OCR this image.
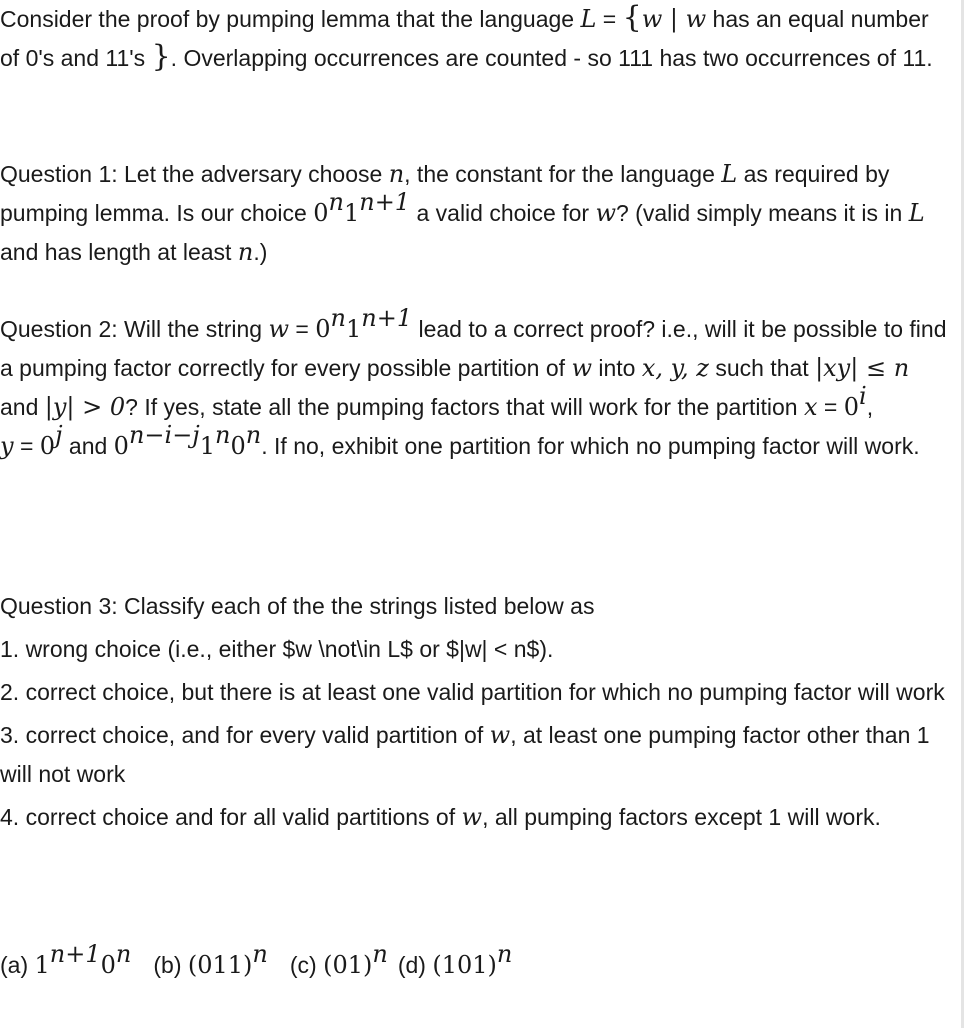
Consider the proof by pumping lemma that the language L = {w | w has an equal number of 0's and 11's }. Overlapping occurrences are counted - so 111 has two occurrences of 11.
Question 1: Let the adversary choose n, the constant for the language L as required by pumping lemma. Is our choice $0^n1^{n+1}$ a valid choice for w? (valid simply means it is in L and has length at least n.)
Question 2: Will the string $w = 0^n1^{n+1}$ lead to a correct proof? i.e., will it be possible to find a pumping factor correctly for every possible partition of w into x, y, z such that |xy| ≤ n and |y| > 0? If yes, state all the pumping factors that will work for the partition $x = 0^i$,
$y = 0^j$ and $0^{n-i-j}1^n0^n$. If no, exhibit one partition for which no pumping factor will work.
Question 3: Classify each of the the strings listed below as
1. wrong choice (i.e., either $w \not\in L$ or $|w| < n$).
2. correct choice, but there is at least one valid partition for which no pumping factor will work
3. correct choice, and for every valid partition of w, at least one pumping factor other than 1 will not work
4. correct choice and for all valid partitions of w, all pumping factors except 1 will work.
(a) $1^{n+1}0^n$ (b) $(011)^n$ (c) $(01)^n$ (d) $(101)^n$
